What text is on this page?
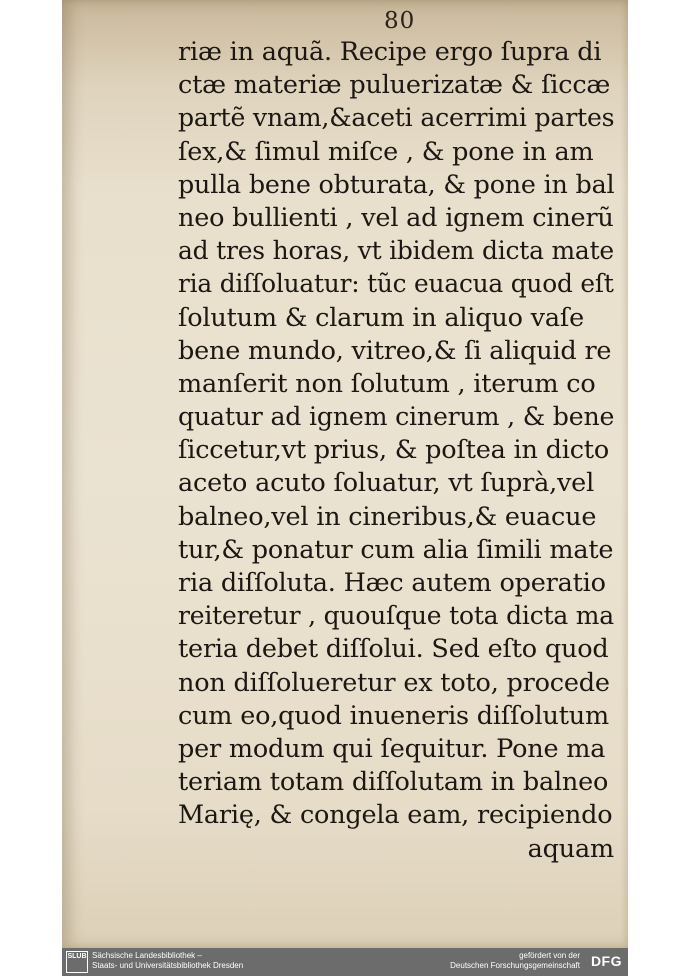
80
riæ in aquã. Recipe ergo ſupra di
ctæ materiæ puluerizatæ & ſiccæ
partẽ vnam,&aceti acerrimi partes
ſex,& ſimul miſce , & pone in am
pulla bene obturata, & pone in bal
neo bullienti , vel ad ignem cinerũ
ad tres horas, vt ibidem dicta mate
ria diſſoluatur: tũc euacua quod eſt
ſolutum & clarum in aliquo vaſe
bene mundo, vitreo,& ſi aliquid re
manſerit non ſolutum , iterum co
quatur ad ignem cinerum , & bene
ſiccetur,vt prius, & poſtea in dicto
aceto acuto ſoluatur, vt ſuprà,vel
balneo,vel in cineribus,& euacue
tur,& ponatur cum alia ſimili mate
ria diſſoluta. Hæc autem operatio
reiteretur , quouſque tota dicta ma
teria debet diſſolui. Sed eſto quod
non diſſolueretur ex toto, procede
cum eo,quod inueneris diſſolutum
per modum qui ſequitur. Pone ma
teriam totam diſſolutam in balneo
Marię, & congela eam, recipiendo
aquam
SLUB Sächsische Landesbibliothek –
Staats- und Universitätsbibliothek Dresden
gefördert von der
Deutschen Forschungsgemeinschaft DFG
